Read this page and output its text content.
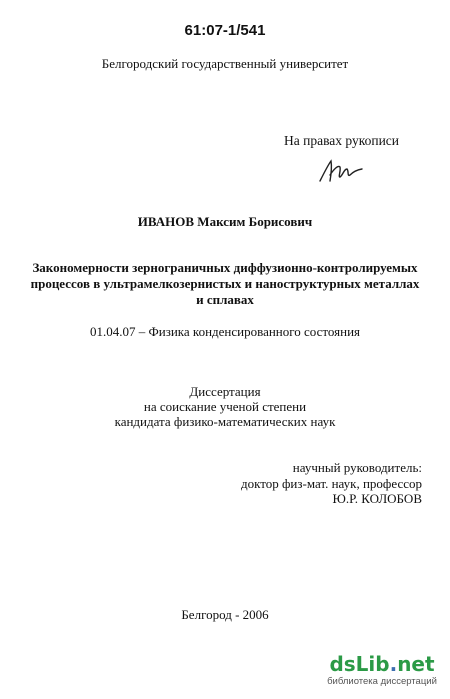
61:07-1/541
Белгородский государственный университет
На правах рукописи
ИВАНОВ Максим Борисович
Закономерности зернограничных диффузионно-контролируемых
процессов в ультрамелкозернистых и наноструктурных металлах
и сплавах
01.04.07 – Физика конденсированного состояния
Диссертация
на соискание ученой степени
кандидата физико-математических наук
научный руководитель:
доктор физ-мат. наук, профессор
Ю.Р. КОЛОБОВ
Белгород - 2006
dsLib.net
библиотека диссертаций
